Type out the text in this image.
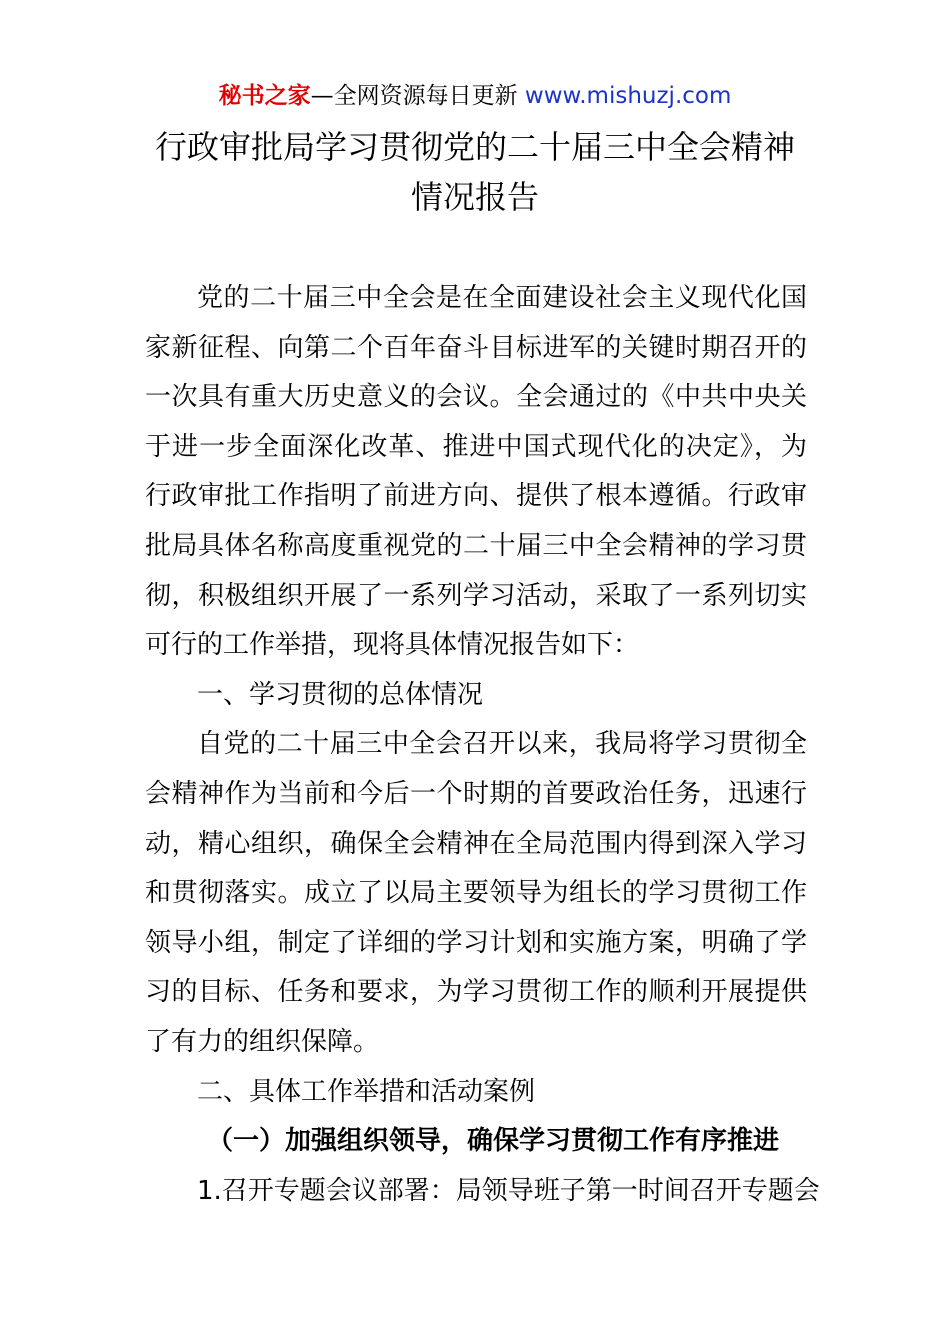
秘书之家—全网资源每日更新 www.mishuzj.com
行政审批局学习贯彻党的二十届三中全会精神
情况报告

党的二十届三中全会是在全面建设社会主义现代化国家新征程、向第二个百年奋斗目标进军的关键时期召开的一次具有重大历史意义的会议。全会通过的《中共中央关于进一步全面深化改革、推进中国式现代化的决定》，为行政审批工作指明了前进方向、提供了根本遵循。行政审批局具体名称高度重视党的二十届三中全会精神的学习贯彻，积极组织开展了一系列学习活动，采取了一系列切实可行的工作举措，现将具体情况报告如下：

一、学习贯彻的总体情况

自党的二十届三中全会召开以来，我局将学习贯彻全会精神作为当前和今后一个时期的首要政治任务，迅速行动，精心组织，确保全会精神在全局范围内得到深入学习和贯彻落实。成立了以局主要领导为组长的学习贯彻工作领导小组，制定了详细的学习计划和实施方案，明确了学习的目标、任务和要求，为学习贯彻工作的顺利开展提供了有力的组织保障。

二、具体工作举措和活动案例

（一）加强组织领导，确保学习贯彻工作有序推进

1.召开专题会议部署：局领导班子第一时间召开专题会
